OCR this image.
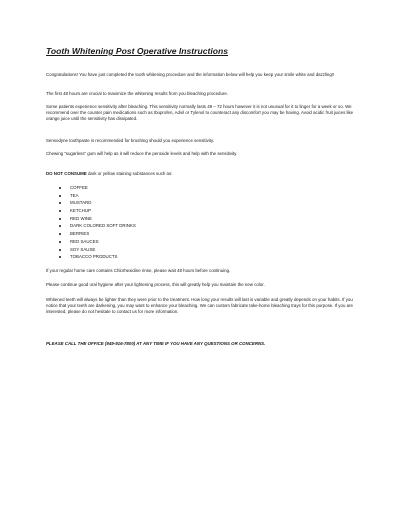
Tooth Whitening Post Operative Instructions

Congratulations! You have just completed the tooth whitening procedure and the information below will help you keep your smile white and dazzling!!

The first 48 hours are crucial to maximize the whitening results from you bleaching procedure.

Some patients experience sensitivity after bleaching. This sensitivity normally lasts 48 – 72 hours however it is not unusual for it to linger for a week or so. We recommend over the counter pain medications such as Ibuprofen, Advil or Tylenol to counteract any discomfort you may be having. Avoid acidic fruit juices like orange juice until the sensitivity has dissipated.

Sensodyne toothpaste is recommended for brushing should you experience sensitivity.

Chewing “sugarless” gum will help as it will reduce the peroxide levels and help with the sensitivity.

DO NOT CONSUME dark or yellow staining substances such as:

COFFEE
TEA
MUSTARD
KETCHUP
RED WINE
DARK COLORED SOFT DRINKS
BERRIES
RED SAUCES
SOY SAUSE
TOBACCO PRODUCTS

If your regular home care contains Chlorhexidine rinse, please wait 48 hours before continuing.

Please continue good oral hygiene after your lightening process, this will greatly help you maintain the new color.

Whitened teeth will always be lighter than they were prior to the treatment. How long your results will last is variable and greatly depends on your habits. If you notice that your teeth are darkening, you may want to enhance your bleaching. We can custom fabricate take-home bleaching trays for this purpose. If you are interested, please do not hesitate to contact us for more information.

PLEASE CALL THE OFFICE (949-916-7800) AT ANY TIME IF YOU HAVE ANY QUESTIONS OR CONCERNS.
